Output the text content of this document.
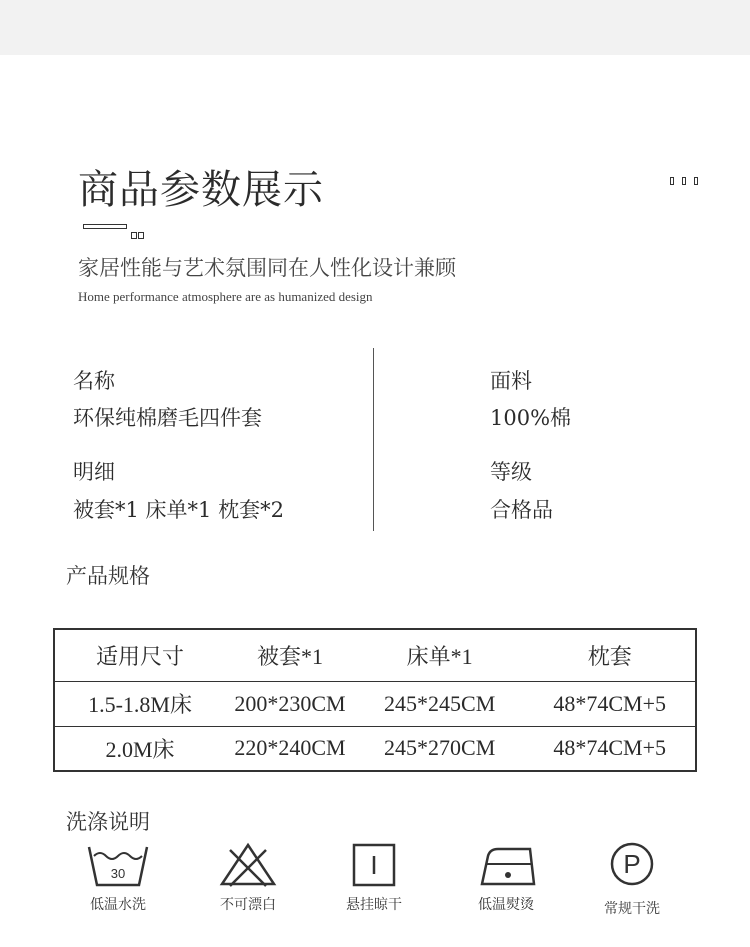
商品参数展示
家居性能与艺术氛围同在人性化设计兼顾
Home performance atmosphere are as humanized design
名称
环保纯棉磨毛四件套
明细
被套*1 床单*1 枕套*2
面料
100%棉
等级
合格品
产品规格
适用尺寸	被套*1	床单*1	枕套
1.5-1.8M床	200*230CM	245*245CM	48*74CM+5
2.0M床	220*240CM	245*270CM	48*74CM+5
洗涤说明
30
低温水洗	不可漂白	悬挂晾干	低温熨烫
P
常规干洗
